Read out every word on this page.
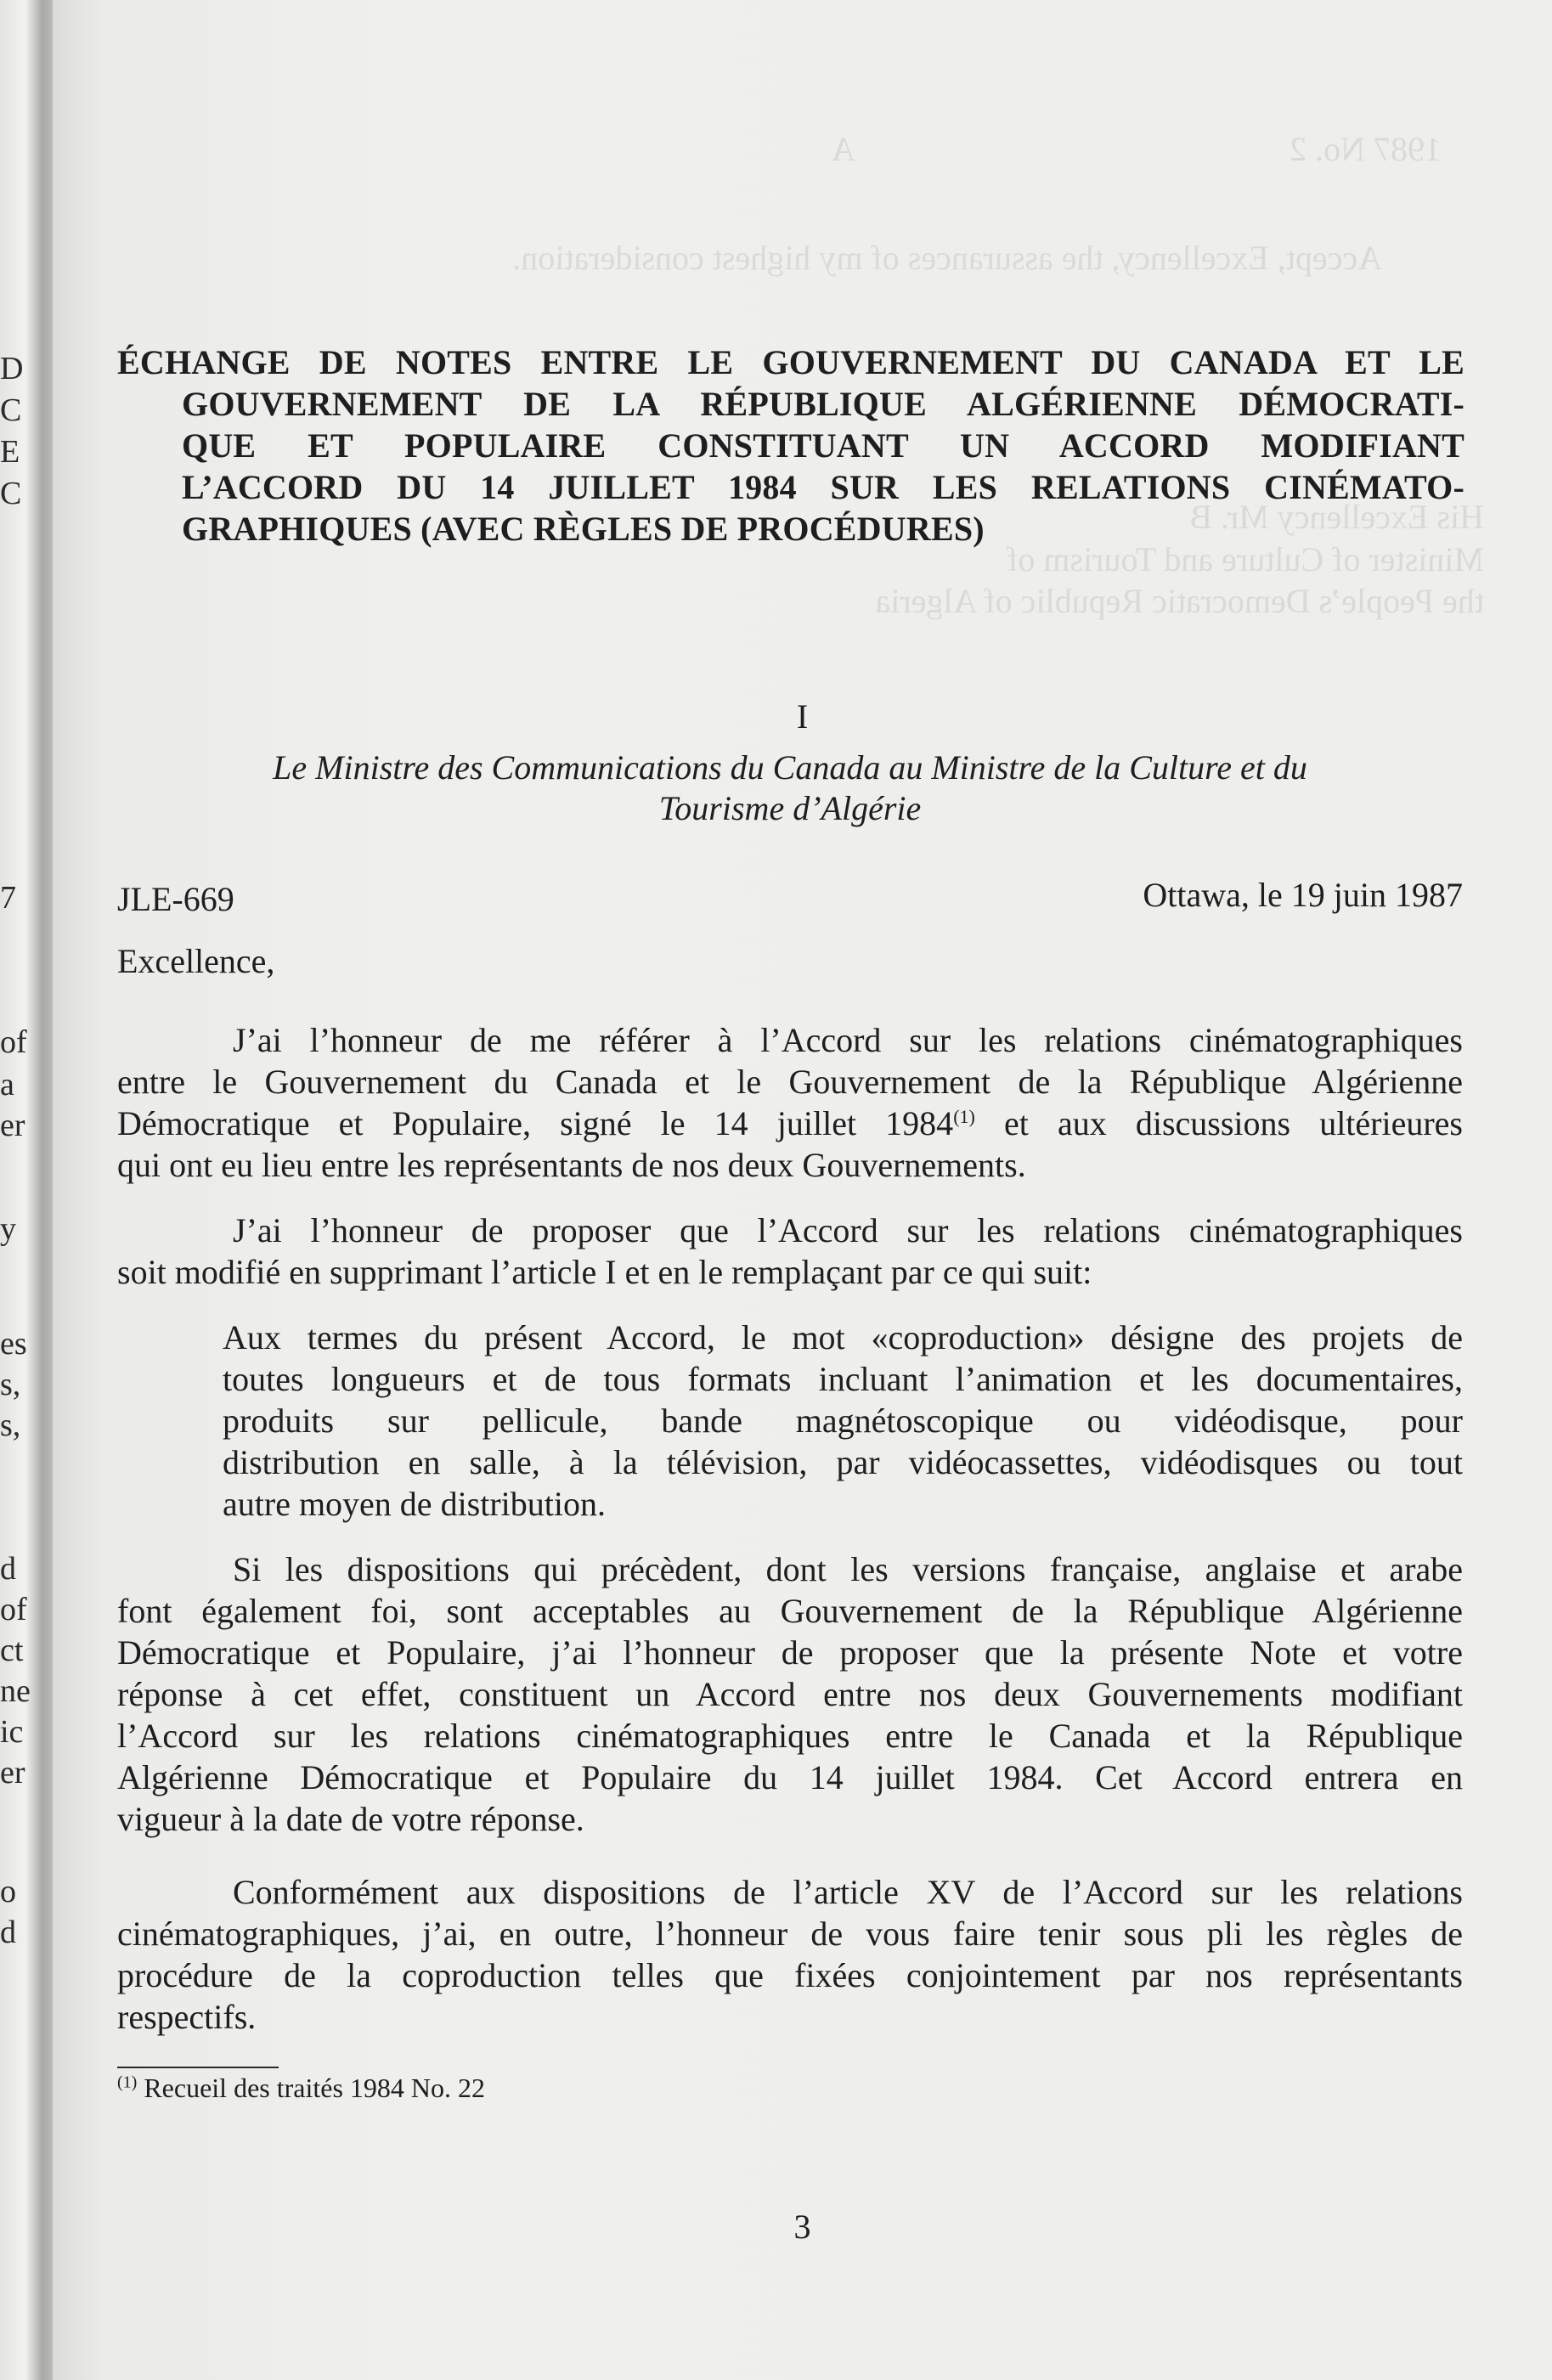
D
C
E
C
7
of
a
er
y
es
s,
s,
d
of
ct
ne
ic
er
o
d
1987 No. 2
A
Accept, Excellency, the assurances of my highest consideration.
His Excellency Mr. B
Minister of Culture and Tourism of
the People’s Democratic Republic of Algeria
ÉCHANGE DE NOTES ENTRE LE GOUVERNEMENT DU CANADA ET LE
GOUVERNEMENT DE LA RÉPUBLIQUE ALGÉRIENNE DÉMOCRATI-
QUE ET POPULAIRE CONSTITUANT UN ACCORD MODIFIANT
L’ACCORD DU 14 JUILLET 1984 SUR LES RELATIONS CINÉMATO-
GRAPHIQUES (AVEC RÈGLES DE PROCÉDURES)
I
Le Ministre des Communications du Canada au Ministre de la Culture et du
Tourisme d’Algérie
JLE-669	Ottawa, le 19 juin 1987
Excellence,
J’ai l’honneur de me référer à l’Accord sur les relations cinématographiques
entre le Gouvernement du Canada et le Gouvernement de la République Algérienne
Démocratique et Populaire, signé le 14 juillet 1984$^{(1)}$ et aux discussions ultérieures
qui ont eu lieu entre les représentants de nos deux Gouvernements.
J’ai l’honneur de proposer que l’Accord sur les relations cinématographiques
soit modifié en supprimant l’article I et en le remplaçant par ce qui suit:
Aux termes du présent Accord, le mot «coproduction» désigne des projets de
toutes longueurs et de tous formats incluant l’animation et les documentaires,
produits sur pellicule, bande magnétoscopique ou vidéodisque, pour
distribution en salle, à la télévision, par vidéocassettes, vidéodisques ou tout
autre moyen de distribution.
Si les dispositions qui précèdent, dont les versions française, anglaise et arabe
font également foi, sont acceptables au Gouvernement de la République Algérienne
Démocratique et Populaire, j’ai l’honneur de proposer que la présente Note et votre
réponse à cet effet, constituent un Accord entre nos deux Gouvernements modifiant
l’Accord sur les relations cinématographiques entre le Canada et la République
Algérienne Démocratique et Populaire du 14 juillet 1984. Cet Accord entrera en
vigueur à la date de votre réponse.
Conformément aux dispositions de l’article XV de l’Accord sur les relations
cinématographiques, j’ai, en outre, l’honneur de vous faire tenir sous pli les règles de
procédure de la coproduction telles que fixées conjointement par nos représentants
respectifs.
$^{(1)}$ Recueil des traités 1984 No. 22
3
